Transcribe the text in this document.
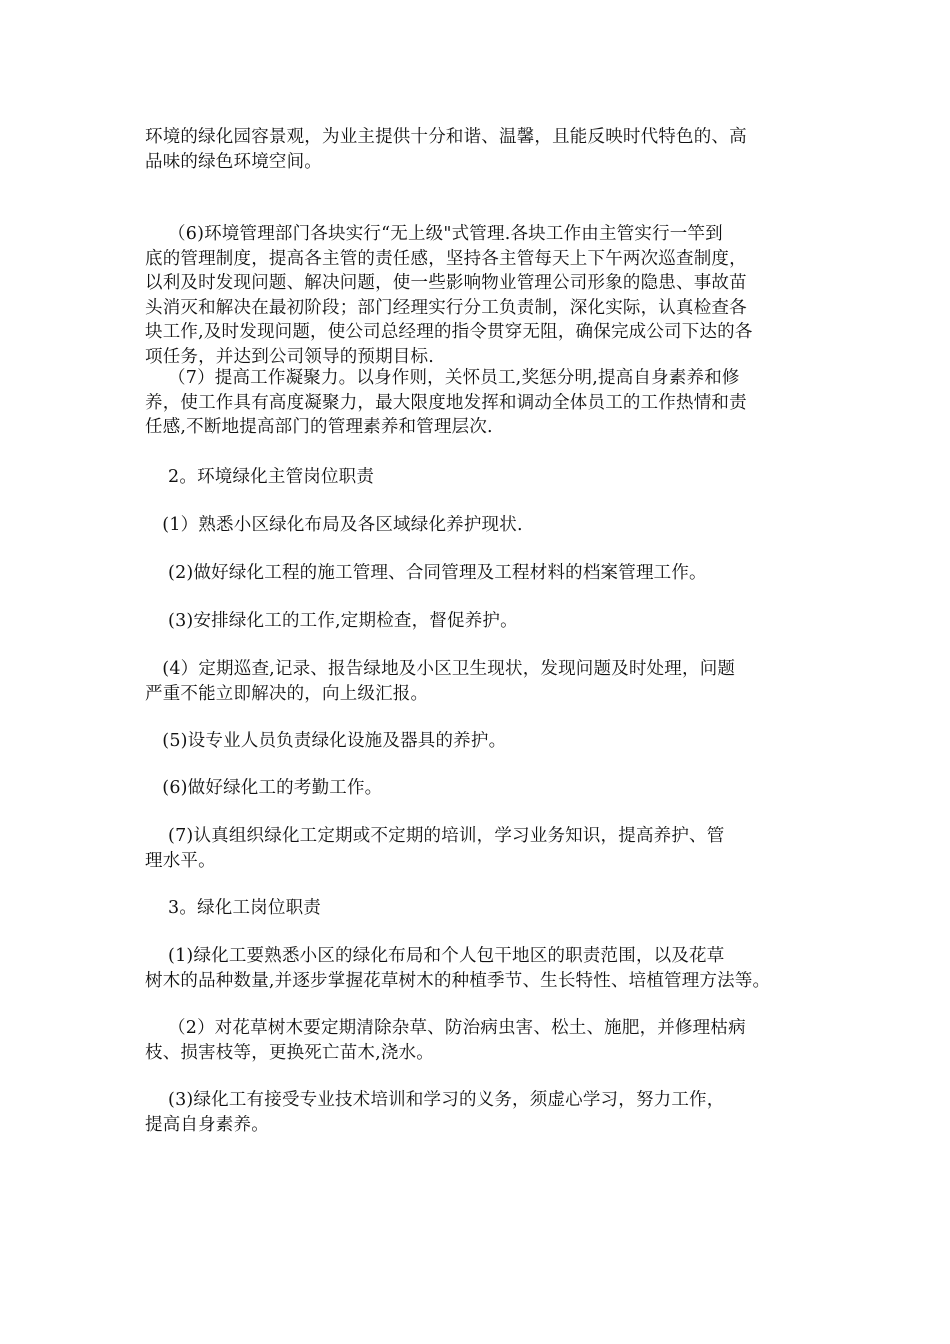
环境的绿化园容景观，为业主提供十分和谐、温馨，且能反映时代特色的、高
品味的绿色环境空间。

（6)环境管理部门各块实行“无上级"式管理.各块工作由主管实行一竿到
底的管理制度，提高各主管的责任感，坚持各主管每天上下午两次巡查制度，
以利及时发现问题、解决问题，使一些影响物业管理公司形象的隐患、事故苗
头消灭和解决在最初阶段；部门经理实行分工负责制，深化实际，认真检查各
块工作,及时发现问题，使公司总经理的指令贯穿无阻，确保完成公司下达的各
项任务，并达到公司领导的预期目标.

（7）提高工作凝聚力。以身作则，关怀员工,奖惩分明,提高自身素养和修
养，使工作具有高度凝聚力，最大限度地发挥和调动全体员工的工作热情和责
任感,不断地提高部门的管理素养和管理层次.

2。环境绿化主管岗位职责

(1）熟悉小区绿化布局及各区域绿化养护现状.

(2)做好绿化工程的施工管理、合同管理及工程材料的档案管理工作。

(3)安排绿化工的工作,定期检查，督促养护。

(4）定期巡查,记录、报告绿地及小区卫生现状，发现问题及时处理，问题
严重不能立即解决的，向上级汇报。

(5)设专业人员负责绿化设施及器具的养护。

(6)做好绿化工的考勤工作。

(7)认真组织绿化工定期或不定期的培训，学习业务知识，提高养护、管
理水平。

3。绿化工岗位职责

(1)绿化工要熟悉小区的绿化布局和个人包干地区的职责范围，以及花草
树木的品种数量,并逐步掌握花草树木的种植季节、生长特性、培植管理方法等。

（2）对花草树木要定期清除杂草、防治病虫害、松土、施肥，并修理枯病
枝、损害枝等，更换死亡苗木,浇水。

(3)绿化工有接受专业技术培训和学习的义务，须虚心学习，努力工作，
提高自身素养。
